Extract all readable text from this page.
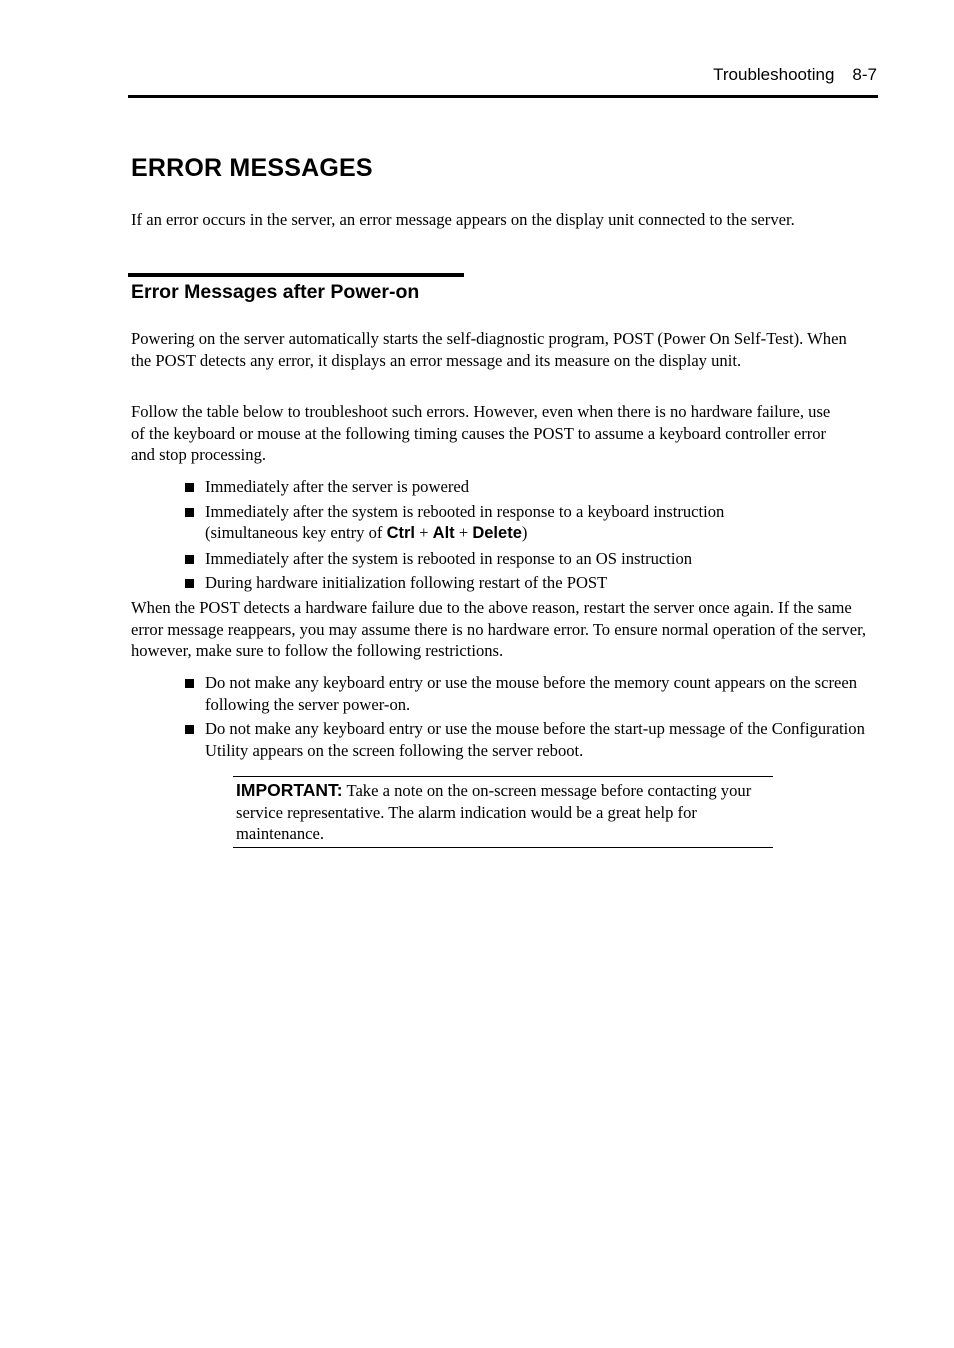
Troubleshooting 8-7
ERROR MESSAGES

If an error occurs in the server, an error message appears on the display unit connected to the server.

Error Messages after Power-on

Powering on the server automatically starts the self-diagnostic program, POST (Power On Self-Test). When the POST detects any error, it displays an error message and its measure on the display unit.

Follow the table below to troubleshoot such errors. However, even when there is no hardware failure, use of the keyboard or mouse at the following timing causes the POST to assume a keyboard controller error and stop processing.

Immediately after the server is powered
Immediately after the system is rebooted in response to a keyboard instruction (simultaneous key entry of Ctrl + Alt + Delete)
Immediately after the system is rebooted in response to an OS instruction
During hardware initialization following restart of the POST

When the POST detects a hardware failure due to the above reason, restart the server once again. If the same error message reappears, you may assume there is no hardware error. To ensure normal operation of the server, however, make sure to follow the following restrictions.

Do not make any keyboard entry or use the mouse before the memory count appears on the screen following the server power-on.
Do not make any keyboard entry or use the mouse before the start-up message of the Configuration Utility appears on the screen following the server reboot.
IMPORTANT: Take a note on the on-screen message before contacting your service representative. The alarm indication would be a great help for maintenance.
